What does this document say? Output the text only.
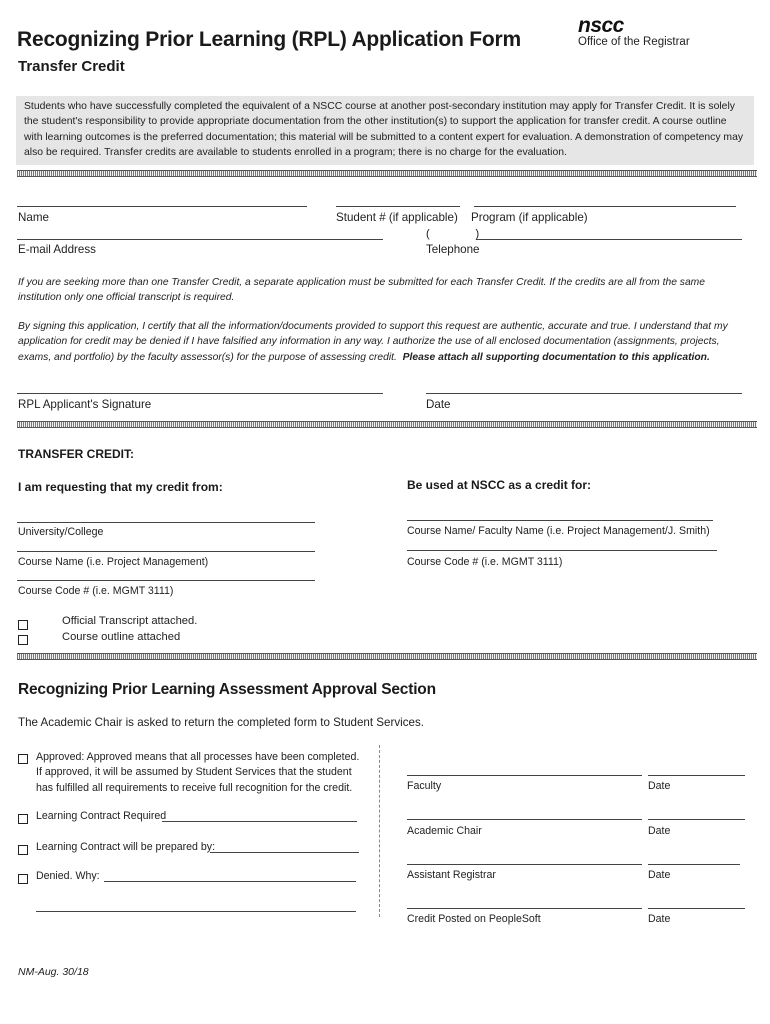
Recognizing Prior Learning (RPL) Application Form
Transfer Credit
nscc
Office of the Registrar
Students who have successfully completed the equivalent of a NSCC course at another post-secondary institution may apply for Transfer Credit. It is solely the student's responsibility to provide appropriate documentation from the other institution(s) to support the application for transfer credit. A course outline with learning outcomes is the preferred documentation; this material will be submitted to a content expert for evaluation. A demonstration of competency may also be required. Transfer credits are available to students enrolled in a program; there is no charge for the evaluation.
Name	Student # (if applicable) Program (if applicable)
(               )
E-mail Address	Telephone
If you are seeking more than one Transfer Credit, a separate application must be submitted for each Transfer Credit. If the credits are all from the same institution only one official transcript is required.
By signing this application, I certify that all the information/documents provided to support this request are authentic, accurate and true. I understand that my application for credit may be denied if I have falsified any information in any way. I authorize the use of all enclosed documentation (assignments, projects, exams, and portfolio) by the faculty assessor(s) for the purpose of assessing credit. Please attach all supporting documentation to this application.
RPL Applicant's Signature	Date
TRANSFER CREDIT:
I am requesting that my credit from:	Be used at NSCC as a credit for:
University/College	Course Name/ Faculty Name (i.e. Project Management/J. Smith)
Course Name (i.e. Project Management)	Course Code # (i.e. MGMT 3111)
Course Code # (i.e. MGMT 3111)
Official Transcript attached.
Course outline attached
Recognizing Prior Learning Assessment Approval Section
The Academic Chair is asked to return the completed form to Student Services.
Approved: Approved means that all processes have been completed.
If approved, it will be assumed by Student Services that the student
has fulfilled all requirements to receive full recognition for the credit.
Learning Contract Required
Learning Contract will be prepared by:
Denied. Why:
Faculty	Date
Academic Chair	Date
Assistant Registrar	Date
Credit Posted on PeopleSoft	Date
NM-Aug. 30/18
